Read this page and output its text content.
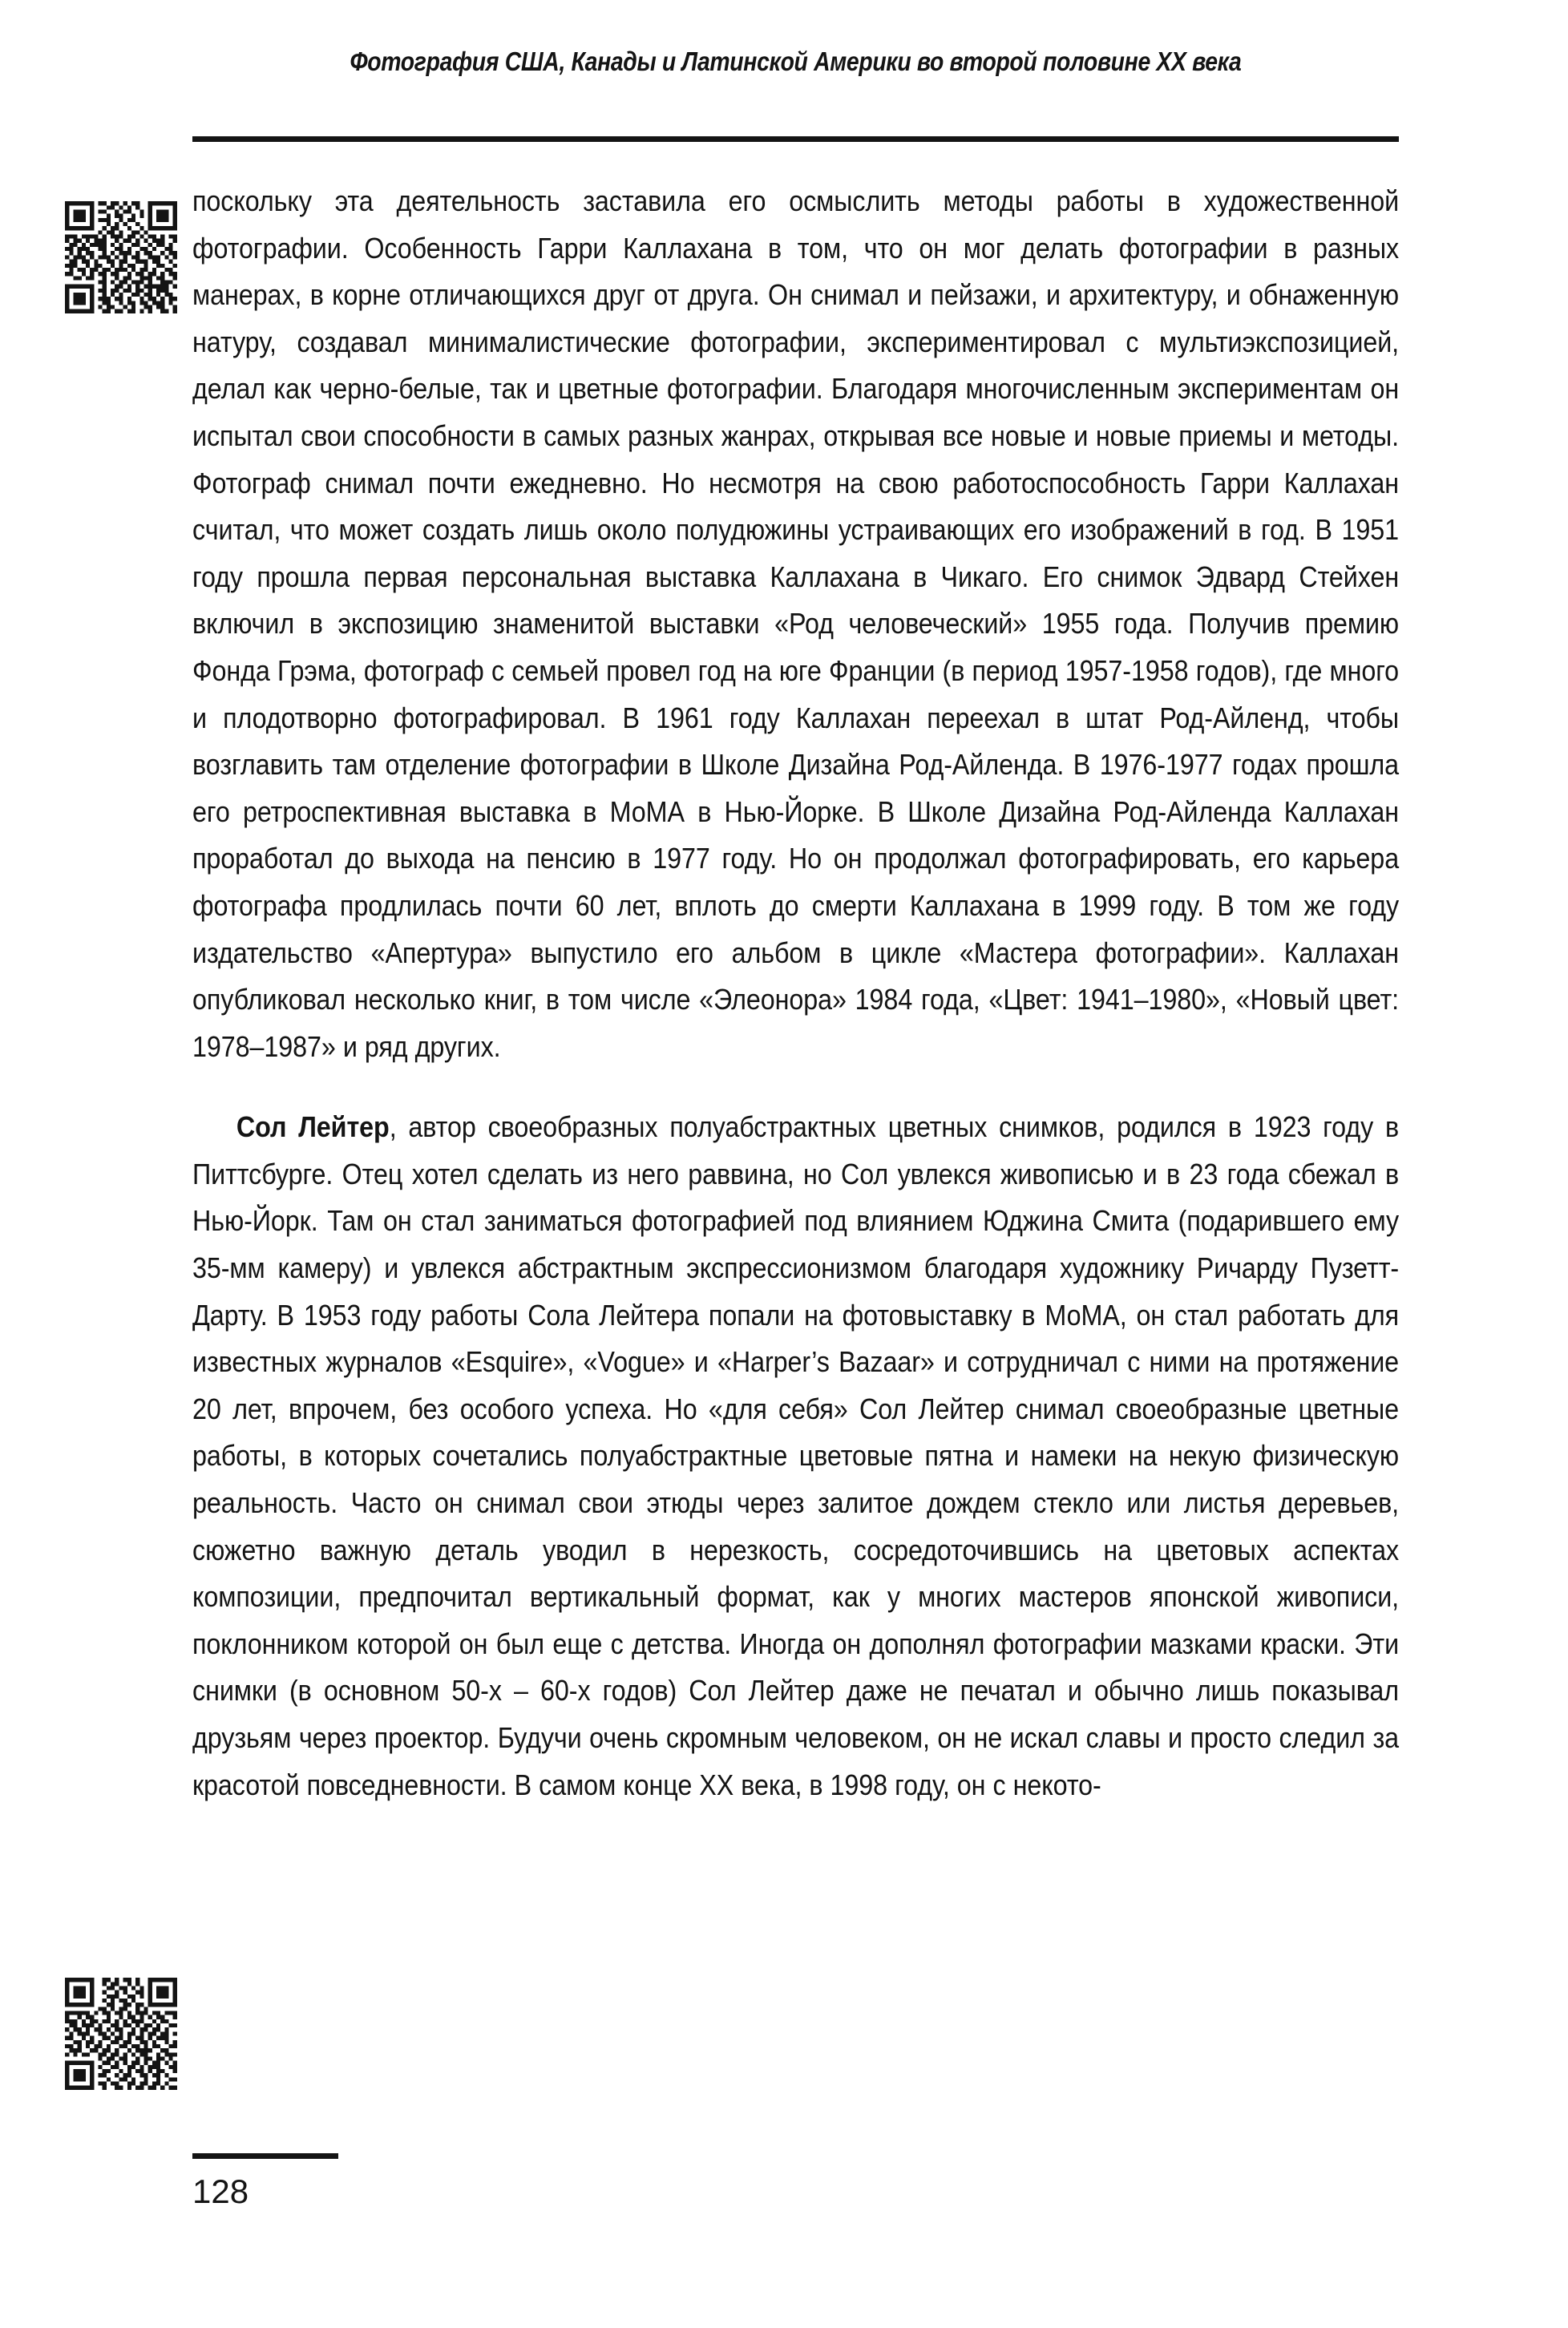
Фотография США, Канады и Латинской Америки во второй половине XX века

поскольку эта деятельность заставила его осмыслить методы работы в художественной фотографии. Особенность Гарри Каллахана в том, что он мог делать фотографии в разных манерах, в корне отличающихся друг от друга. Он снимал и пейзажи, и архитектуру, и обнаженную натуру, создавал минималистические фотографии, экспериментировал с мультиэкспозицией, делал как черно-белые, так и цветные фотографии. Благодаря многочисленным экспериментам он испытал свои способности в самых разных жанрах, открывая все новые и новые приемы и методы. Фотограф снимал почти ежедневно. Но несмотря на свою работоспособность Гарри Каллахан считал, что может создать лишь около полудюжины устраивающих его изображений в год. В 1951 году прошла первая персональная выставка Каллахана в Чикаго. Его снимок Эдвард Стейхен включил в экспозицию знаменитой выставки «Род человеческий» 1955 года. Получив премию Фонда Грэма, фотограф с семьей провел год на юге Франции (в период 1957-1958 годов), где много и плодотворно фотографировал. В 1961 году Каллахан переехал в штат Род-Айленд, чтобы возглавить там отделение фотографии в Школе Дизайна Род-Айленда. В 1976-1977 годах прошла его ретроспективная выставка в МоМА в Нью-Йорке. В Школе Дизайна Род-Айленда Каллахан проработал до выхода на пенсию в 1977 году. Но он продолжал фотографировать, его карьера фотографа продлилась почти 60 лет, вплоть до смерти Каллахана в 1999 году. В том же году издательство «Апертура» выпустило его альбом в цикле «Мастера фотографии». Каллахан опубликовал несколько книг, в том числе «Элеонора» 1984 года, «Цвет: 1941–1980», «Новый цвет: 1978–1987» и ряд других.

Сол Лейтер, автор своеобразных полуабстрактных цветных снимков, родился в 1923 году в Питтсбурге. Отец хотел сделать из него раввина, но Сол увлекся живописью и в 23 года сбежал в Нью-Йорк. Там он стал заниматься фотографией под влиянием Юджина Смита (подарившего ему 35-мм камеру) и увлекся абстрактным экспрессионизмом благодаря художнику Ричарду Пузетт-Дарту. В 1953 году работы Сола Лейтера попали на фотовыставку в МоМА, он стал работать для известных журналов «Esquire», «Vogue» и «Harper’s Bazaar» и сотрудничал с ними на протяжение 20 лет, впрочем, без особого успеха. Но «для себя» Сол Лейтер снимал своеобразные цветные работы, в которых сочетались полуабстрактные цветовые пятна и намеки на некую физическую реальность. Часто он снимал свои этюды через залитое дождем стекло или листья деревьев, сюжетно важную деталь уводил в нерезкость, сосредоточившись на цветовых аспектах композиции, предпочитал вертикальный формат, как у многих мастеров японской живописи, поклонником которой он был еще с детства. Иногда он дополнял фотографии мазками краски. Эти снимки (в основном 50-х – 60-х годов) Сол Лейтер даже не печатал и обычно лишь показывал друзьям через проектор. Будучи очень скромным человеком, он не искал славы и просто следил за красотой повседневности. В самом конце XX века, в 1998 году, он с некото-

128
